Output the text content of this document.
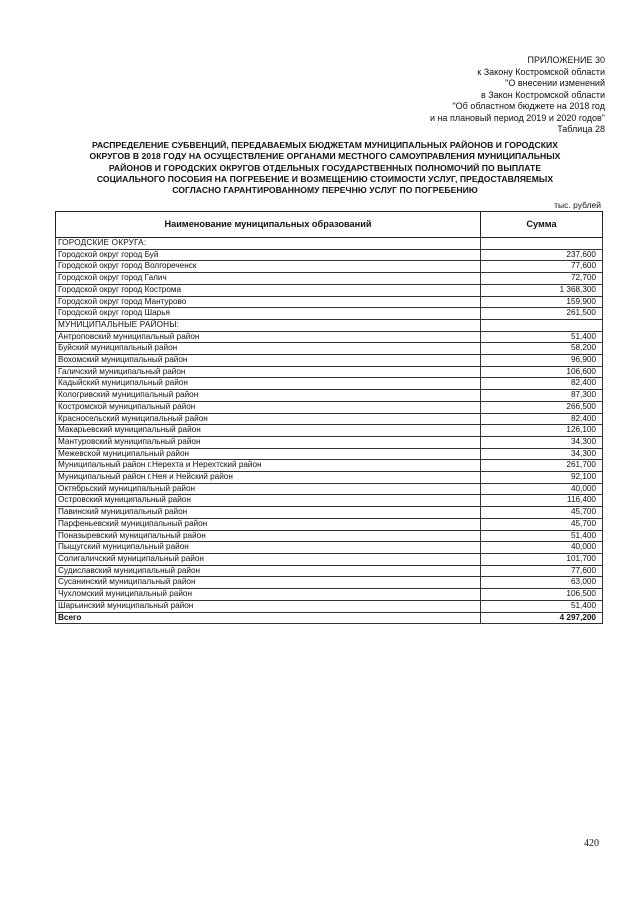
ПРИЛОЖЕНИЕ 30
к Закону Костромской области
"О внесении изменений
в Закон Костромской области
"Об областном бюджете на 2018 год
и на плановый период 2019 и 2020 годов"
Таблица 28
РАСПРЕДЕЛЕНИЕ СУБВЕНЦИЙ, ПЕРЕДАВАЕМЫХ БЮДЖЕТАМ МУНИЦИПАЛЬНЫХ РАЙОНОВ И ГОРОДСКИХ
ОКРУГОВ В 2018 ГОДУ НА ОСУЩЕСТВЛЕНИЕ ОРГАНАМИ МЕСТНОГО САМОУПРАВЛЕНИЯ МУНИЦИПАЛЬНЫХ
РАЙОНОВ И ГОРОДСКИХ ОКРУГОВ ОТДЕЛЬНЫХ ГОСУДАРСТВЕННЫХ ПОЛНОМОЧИЙ ПО ВЫПЛАТЕ
СОЦИАЛЬНОГО ПОСОБИЯ НА ПОГРЕБЕНИЕ И ВОЗМЕЩЕНИЮ СТОИМОСТИ УСЛУГ, ПРЕДОСТАВЛЯЕМЫХ
СОГЛАСНО ГАРАНТИРОВАННОМУ ПЕРЕЧНЮ УСЛУГ ПО ПОГРЕБЕНИЮ
тыс. рублей
Наименование муниципальных образований	Сумма
ГОРОДСКИЕ ОКРУГА:	
Городской округ город Буй	237,600
Городской округ город Волгореченск	77,600
Городской округ город Галич	72,700
Городской округ город Кострома	1 368,300
Городской округ город Мантурово	159,900
Городской округ город Шарья	261,500
МУНИЦИПАЛЬНЫЕ РАЙОНЫ:	
Антроповский муниципальный район	51,400
Буйский муниципальный район	58,200
Вохомский муниципальный район	96,900
Галичский муниципальный район	106,600
Кадыйский муниципальный район	82,400
Кологривский муниципальный район	87,300
Костромской муниципальный район	266,500
Красносельский муниципальный район	82,400
Макарьевский муниципальный район	126,100
Мантуровский муниципальный район	34,300
Межевской муниципальный район	34,300
Муниципальный район г.Нерехта и Нерехтский район	261,700
Муниципальный район г.Нея и Нейский район	92,100
Октябрьский муниципальный район	40,000
Островский муниципальный район	116,400
Павинский муниципальный район	45,700
Парфеньевский муниципальный район	45,700
Поназыревский муниципальный район	51,400
Пыщугский муниципальный район	40,000
Солигаличский муниципальный район	101,700
Судиславский муниципальный район	77,600
Сусанинский муниципальный район	63,000
Чухломский муниципальный район	106,500
Шарьинский муниципальный район	51,400
Всего	4 297,200
420
